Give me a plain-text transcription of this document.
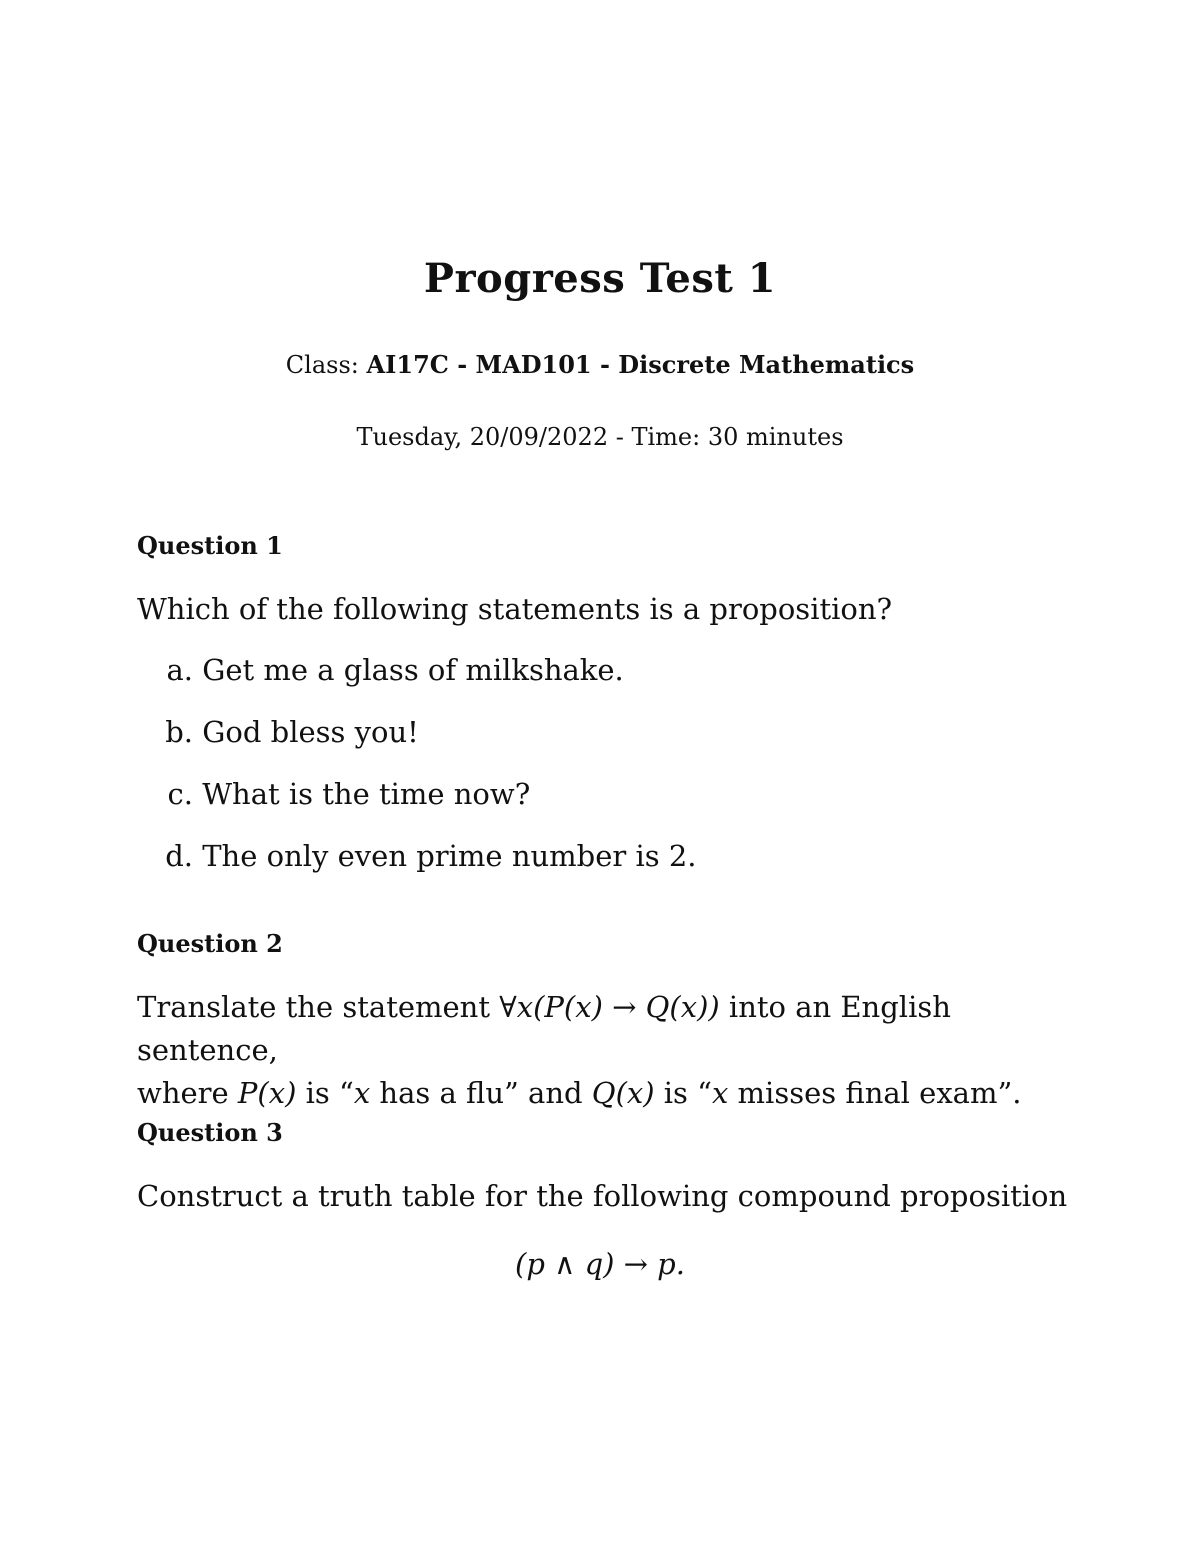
Progress Test 1
Class: AI17C - MAD101 - Discrete Mathematics
Tuesday, 20/09/2022 - Time: 30 minutes
Question 1
Which of the following statements is a proposition?
a. Get me a glass of milkshake.
b. God bless you!
c. What is the time now?
d. The only even prime number is 2.
Question 2
Translate the statement ∀x(P(x) → Q(x)) into an English sentence,
where P(x) is “x has a flu” and Q(x) is “x misses final exam”.
Question 3
Construct a truth table for the following compound proposition
(p ∧ q) → p.
